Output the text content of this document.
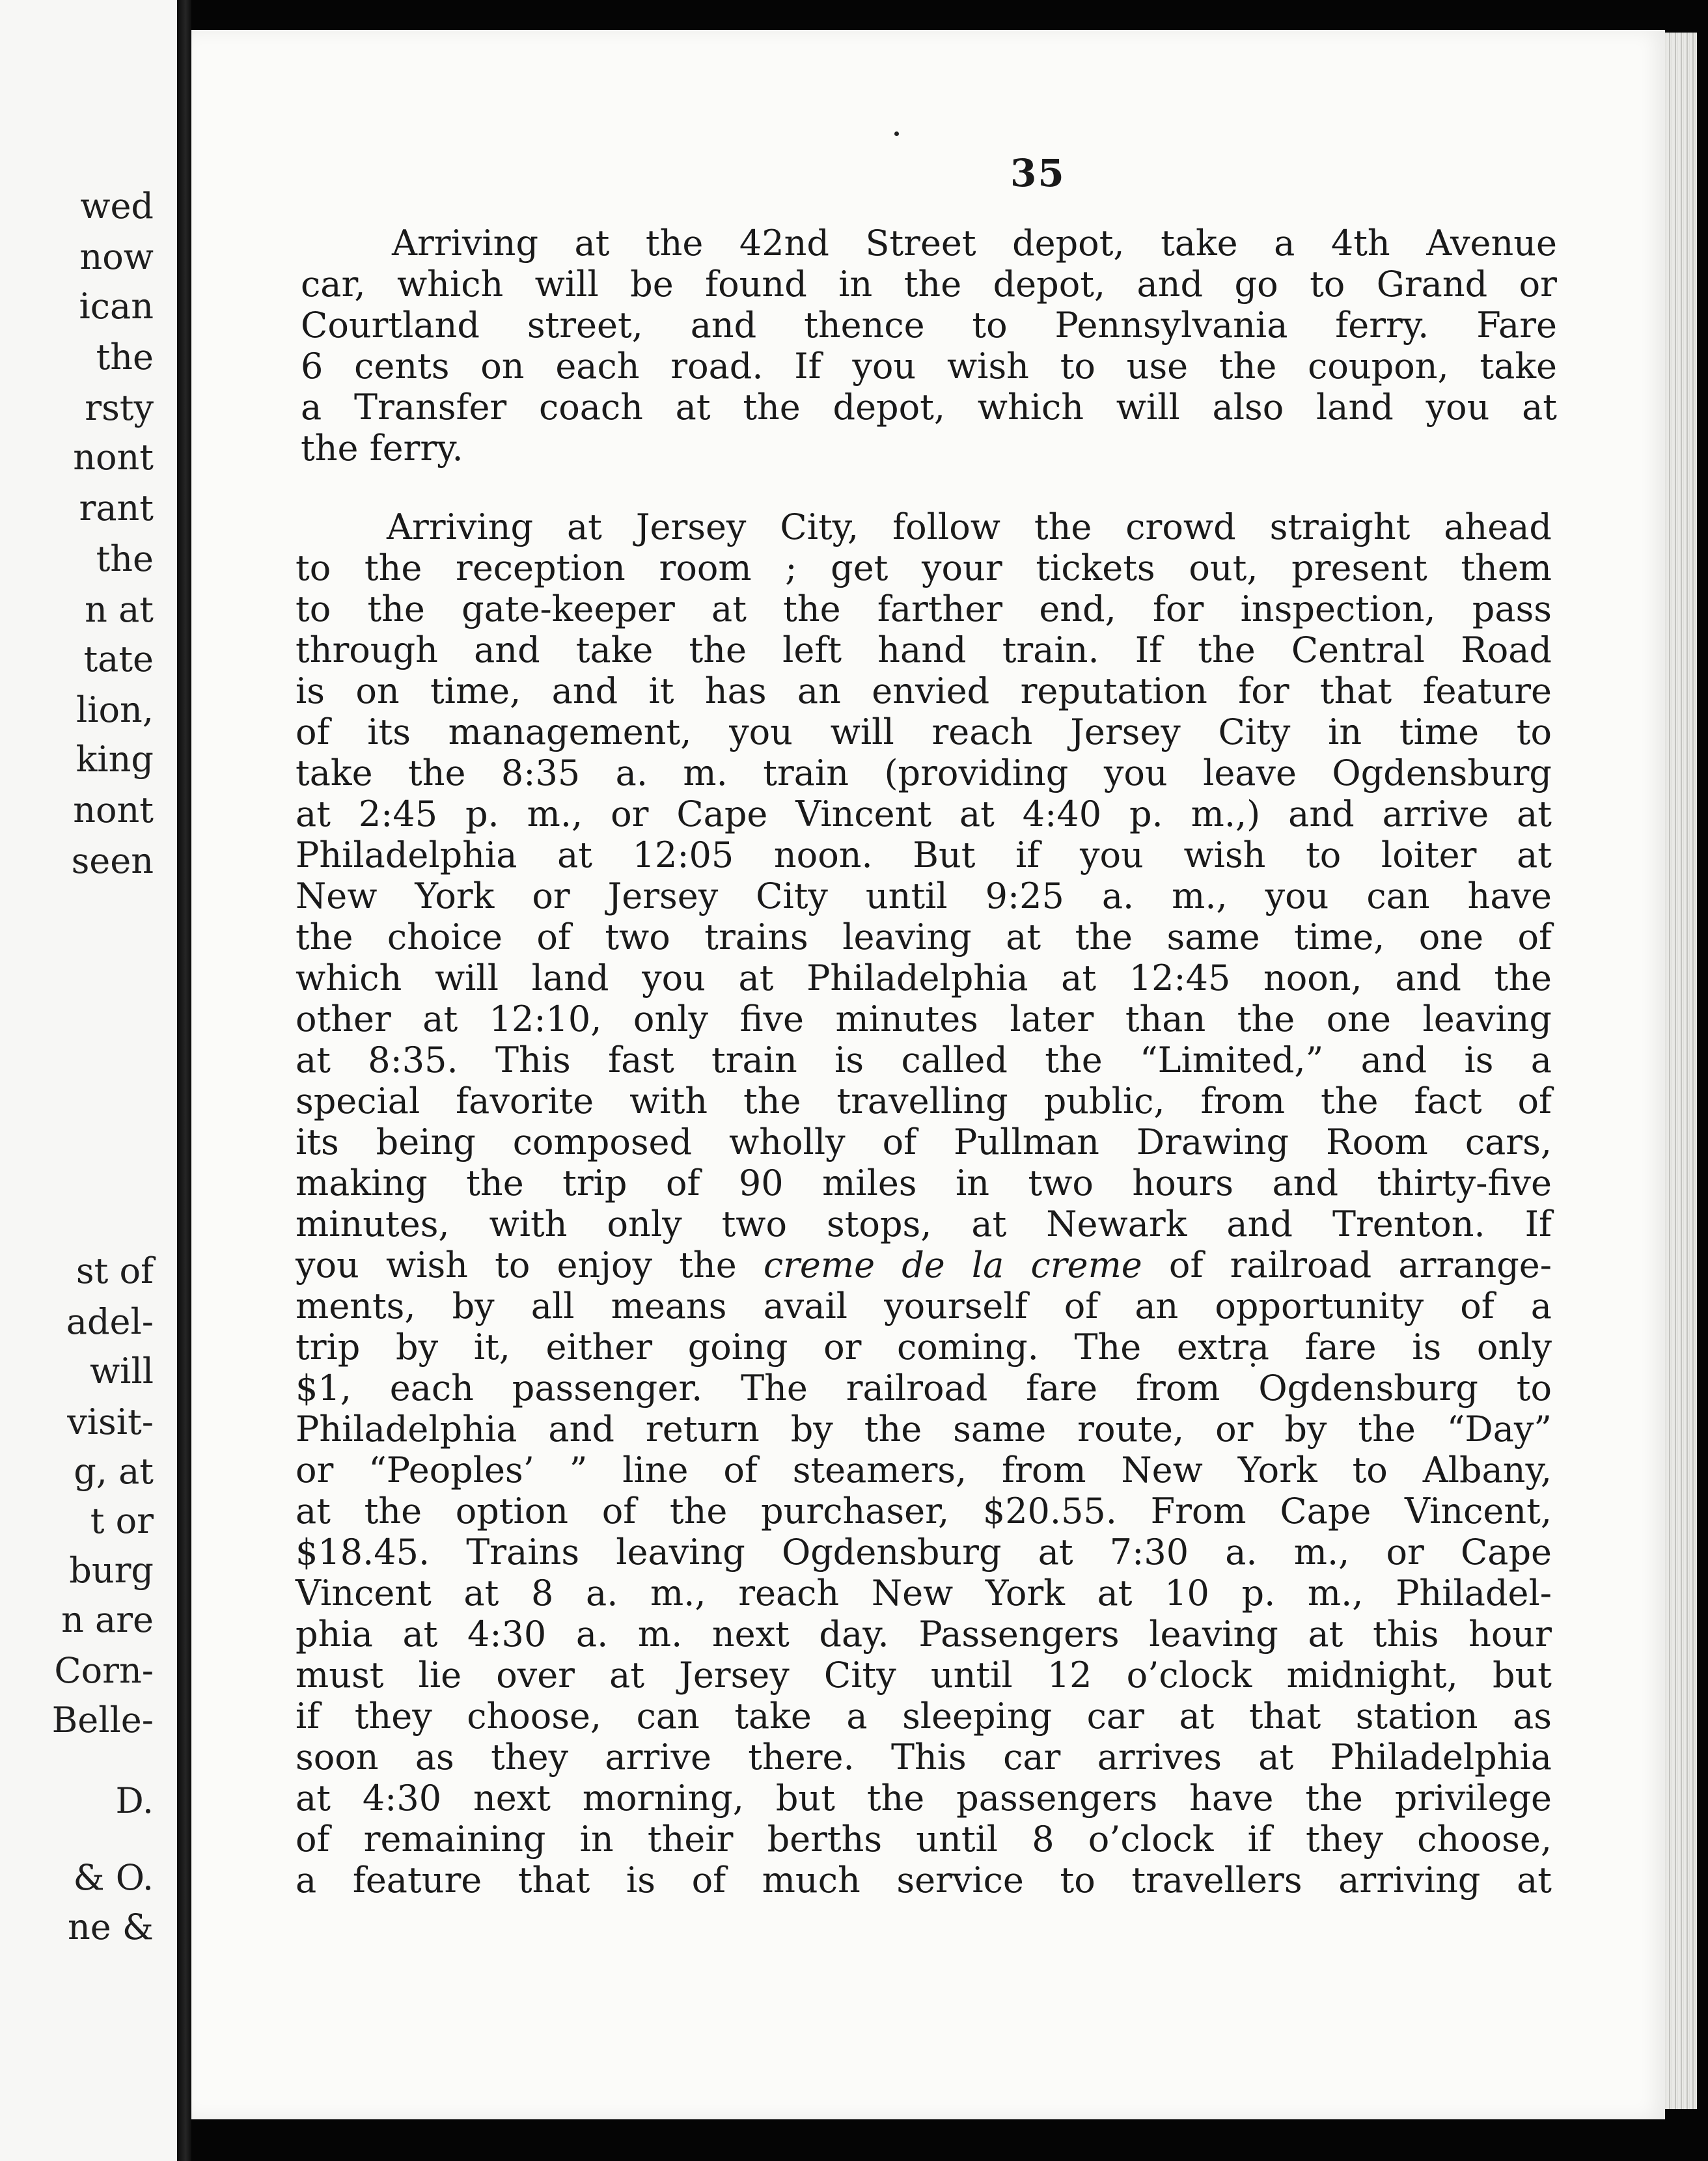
wed
now
ican
the
rsty
nont
rant
the
n at
tate
lion,
king
nont
seen
st of
adel-
will
visit-
g, at
t or
burg
n are
Corn-
Belle-
D.
& O.
ne &
35
Arriving at the 42nd Street depot, take a 4th Avenue
car, which will be found in the depot, and go to Grand or
Courtland street, and thence to Pennsylvania ferry. Fare
6 cents on each road. If you wish to use the coupon, take
a Transfer coach at the depot, which will also land you at
the ferry.
Arriving at Jersey City, follow the crowd straight ahead
to the reception room ; get your tickets out, present them
to the gate-keeper at the farther end, for inspection, pass
through and take the left hand train. If the Central Road
is on time, and it has an envied reputation for that feature
of its management, you will reach Jersey City in time to
take the 8:35 a. m. train (providing you leave Ogdensburg
at 2:45 p. m., or Cape Vincent at 4:40 p. m.,) and arrive at
Philadelphia at 12:05 noon. But if you wish to loiter at
New York or Jersey City until 9:25 a. m., you can have
the choice of two trains leaving at the same time, one of
which will land you at Philadelphia at 12:45 noon, and the
other at 12:10, only five minutes later than the one leaving
at 8:35. This fast train is called the “Limited,” and is a
special favorite with the travelling public, from the fact of
its being composed wholly of Pullman Drawing Room cars,
making the trip of 90 miles in two hours and thirty-five
minutes, with only two stops, at Newark and Trenton. If
you wish to enjoy the creme de la creme of railroad arrange-
ments, by all means avail yourself of an opportunity of a
trip by it, either going or coming. The extra fare is only
$1, each passenger. The railroad fare from Ogdensburg to
Philadelphia and return by the same route, or by the “Day”
or “Peoples’ ” line of steamers, from New York to Albany,
at the option of the purchaser, $20.55. From Cape Vincent,
$18.45. Trains leaving Ogdensburg at 7:30 a. m., or Cape
Vincent at 8 a. m., reach New York at 10 p. m., Philadel-
phia at 4:30 a. m. next day. Passengers leaving at this hour
must lie over at Jersey City until 12 o’clock midnight, but
if they choose, can take a sleeping car at that station as
soon as they arrive there. This car arrives at Philadelphia
at 4:30 next morning, but the passengers have the privilege
of remaining in their berths until 8 o’clock if they choose,
a feature that is of much service to travellers arriving at
